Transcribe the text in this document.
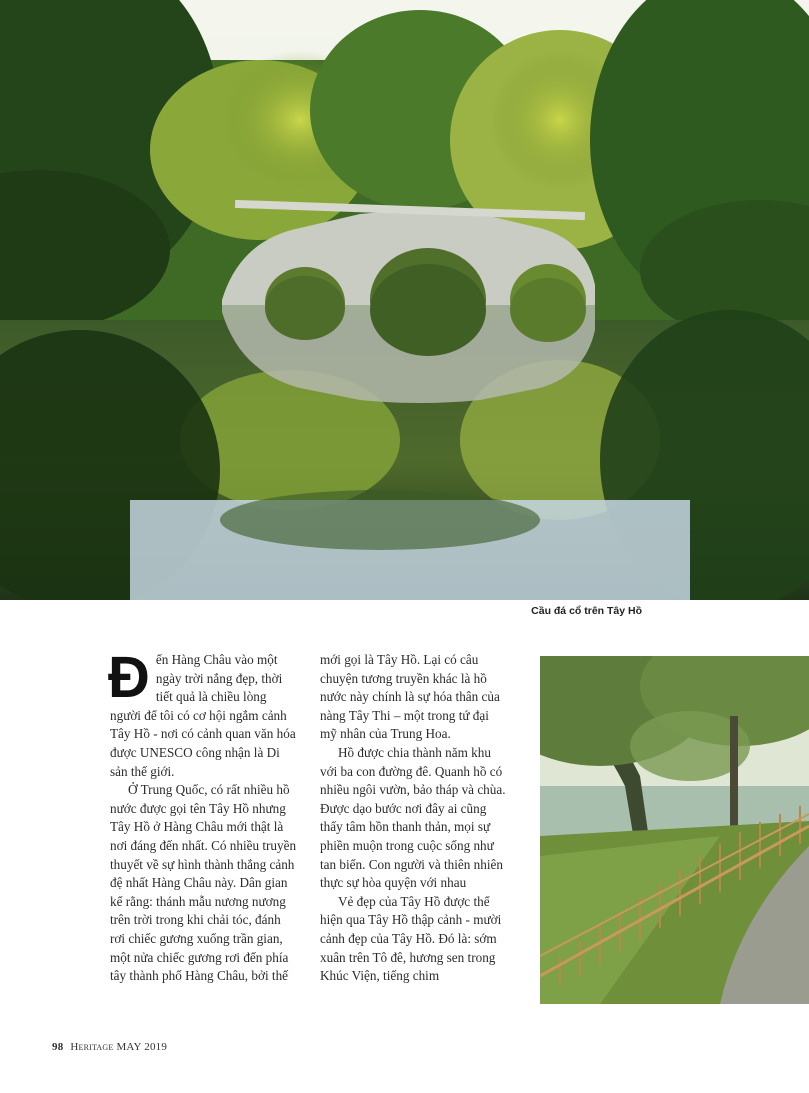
Cầu đá cổ trên Tây Hồ

Đến Hàng Châu vào một ngày trời nắng đẹp, thời tiết quả là chiều lòng người để tôi có cơ hội ngắm cảnh Tây Hồ - nơi có cảnh quan văn hóa được UNESCO công nhận là Di sản thế giới.

Ở Trung Quốc, có rất nhiều hồ nước được gọi tên Tây Hồ nhưng Tây Hồ ở Hàng Châu mới thật là nơi đáng đến nhất. Có nhiều truyền thuyết về sự hình thành thắng cảnh đệ nhất Hàng Châu này. Dân gian kể rằng: thánh mẫu nương nương trên trời trong khi chải tóc, đánh rơi chiếc gương xuống trần gian, một nửa chiếc gương rơi đến phía tây thành phố Hàng Châu, bởi thế

mới gọi là Tây Hồ. Lại có câu chuyện tương truyền khác là hồ nước này chính là sự hóa thân của nàng Tây Thi – một trong tứ đại mỹ nhân của Trung Hoa.

Hồ được chia thành năm khu với ba con đường đê. Quanh hồ có nhiều ngôi vườn, bảo tháp và chùa. Được dạo bước nơi đây ai cũng thấy tâm hồn thanh thản, mọi sự phiền muộn trong cuộc sống như tan biến. Con người và thiên nhiên thực sự hòa quyện với nhau

Vẻ đẹp của Tây Hồ được thể hiện qua Tây Hồ thập cảnh - mười cảnh đẹp của Tây Hồ. Đó là: sớm xuân trên Tô đê, hương sen trong Khúc Viện, tiếng chim

98 Heritage MAY 2019
